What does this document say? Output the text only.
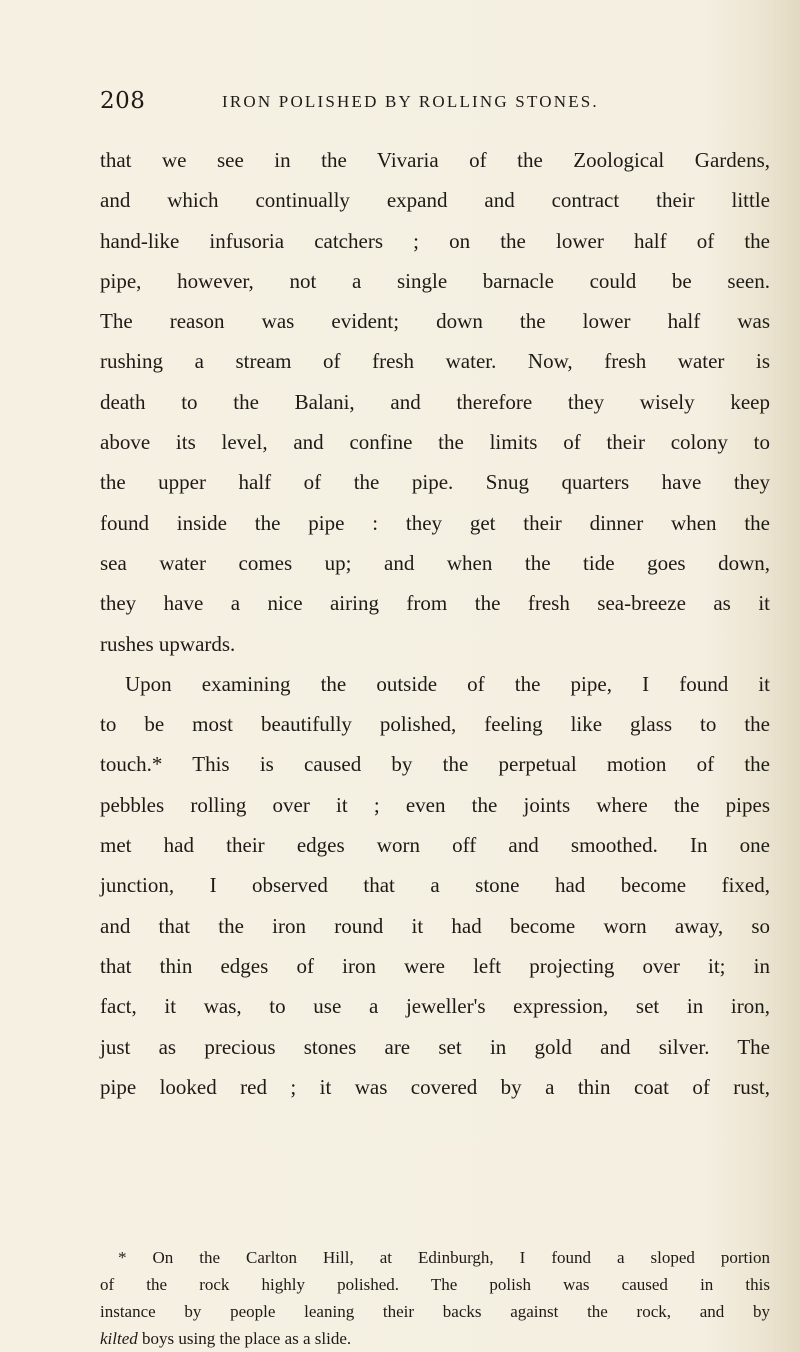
208	IRON POLISHED BY ROLLING STONES.
that we see in the Vivaria of the Zoological Gardens,
and which continually expand and contract their little
hand-like infusoria catchers ; on the lower half of the
pipe, however, not a single barnacle could be seen.
The reason was evident; down the lower half was
rushing a stream of fresh water. Now, fresh water is
death to the Balani, and therefore they wisely keep
above its level, and confine the limits of their colony to
the upper half of the pipe. Snug quarters have they
found inside the pipe : they get their dinner when the
sea water comes up; and when the tide goes down,
they have a nice airing from the fresh sea-breeze as it
rushes upwards.
Upon examining the outside of the pipe, I found it
to be most beautifully polished, feeling like glass to the
touch.* This is caused by the perpetual motion of the
pebbles rolling over it ; even the joints where the pipes
met had their edges worn off and smoothed. In one
junction, I observed that a stone had become fixed,
and that the iron round it had become worn away, so
that thin edges of iron were left projecting over it; in
fact, it was, to use a jeweller's expression, set in iron,
just as precious stones are set in gold and silver. The
pipe looked red ; it was covered by a thin coat of rust,
* On the Carlton Hill, at Edinburgh, I found a sloped portion
of the rock highly polished. The polish was caused in this
instance by people leaning their backs against the rock, and by
kilted boys using the place as a slide.
